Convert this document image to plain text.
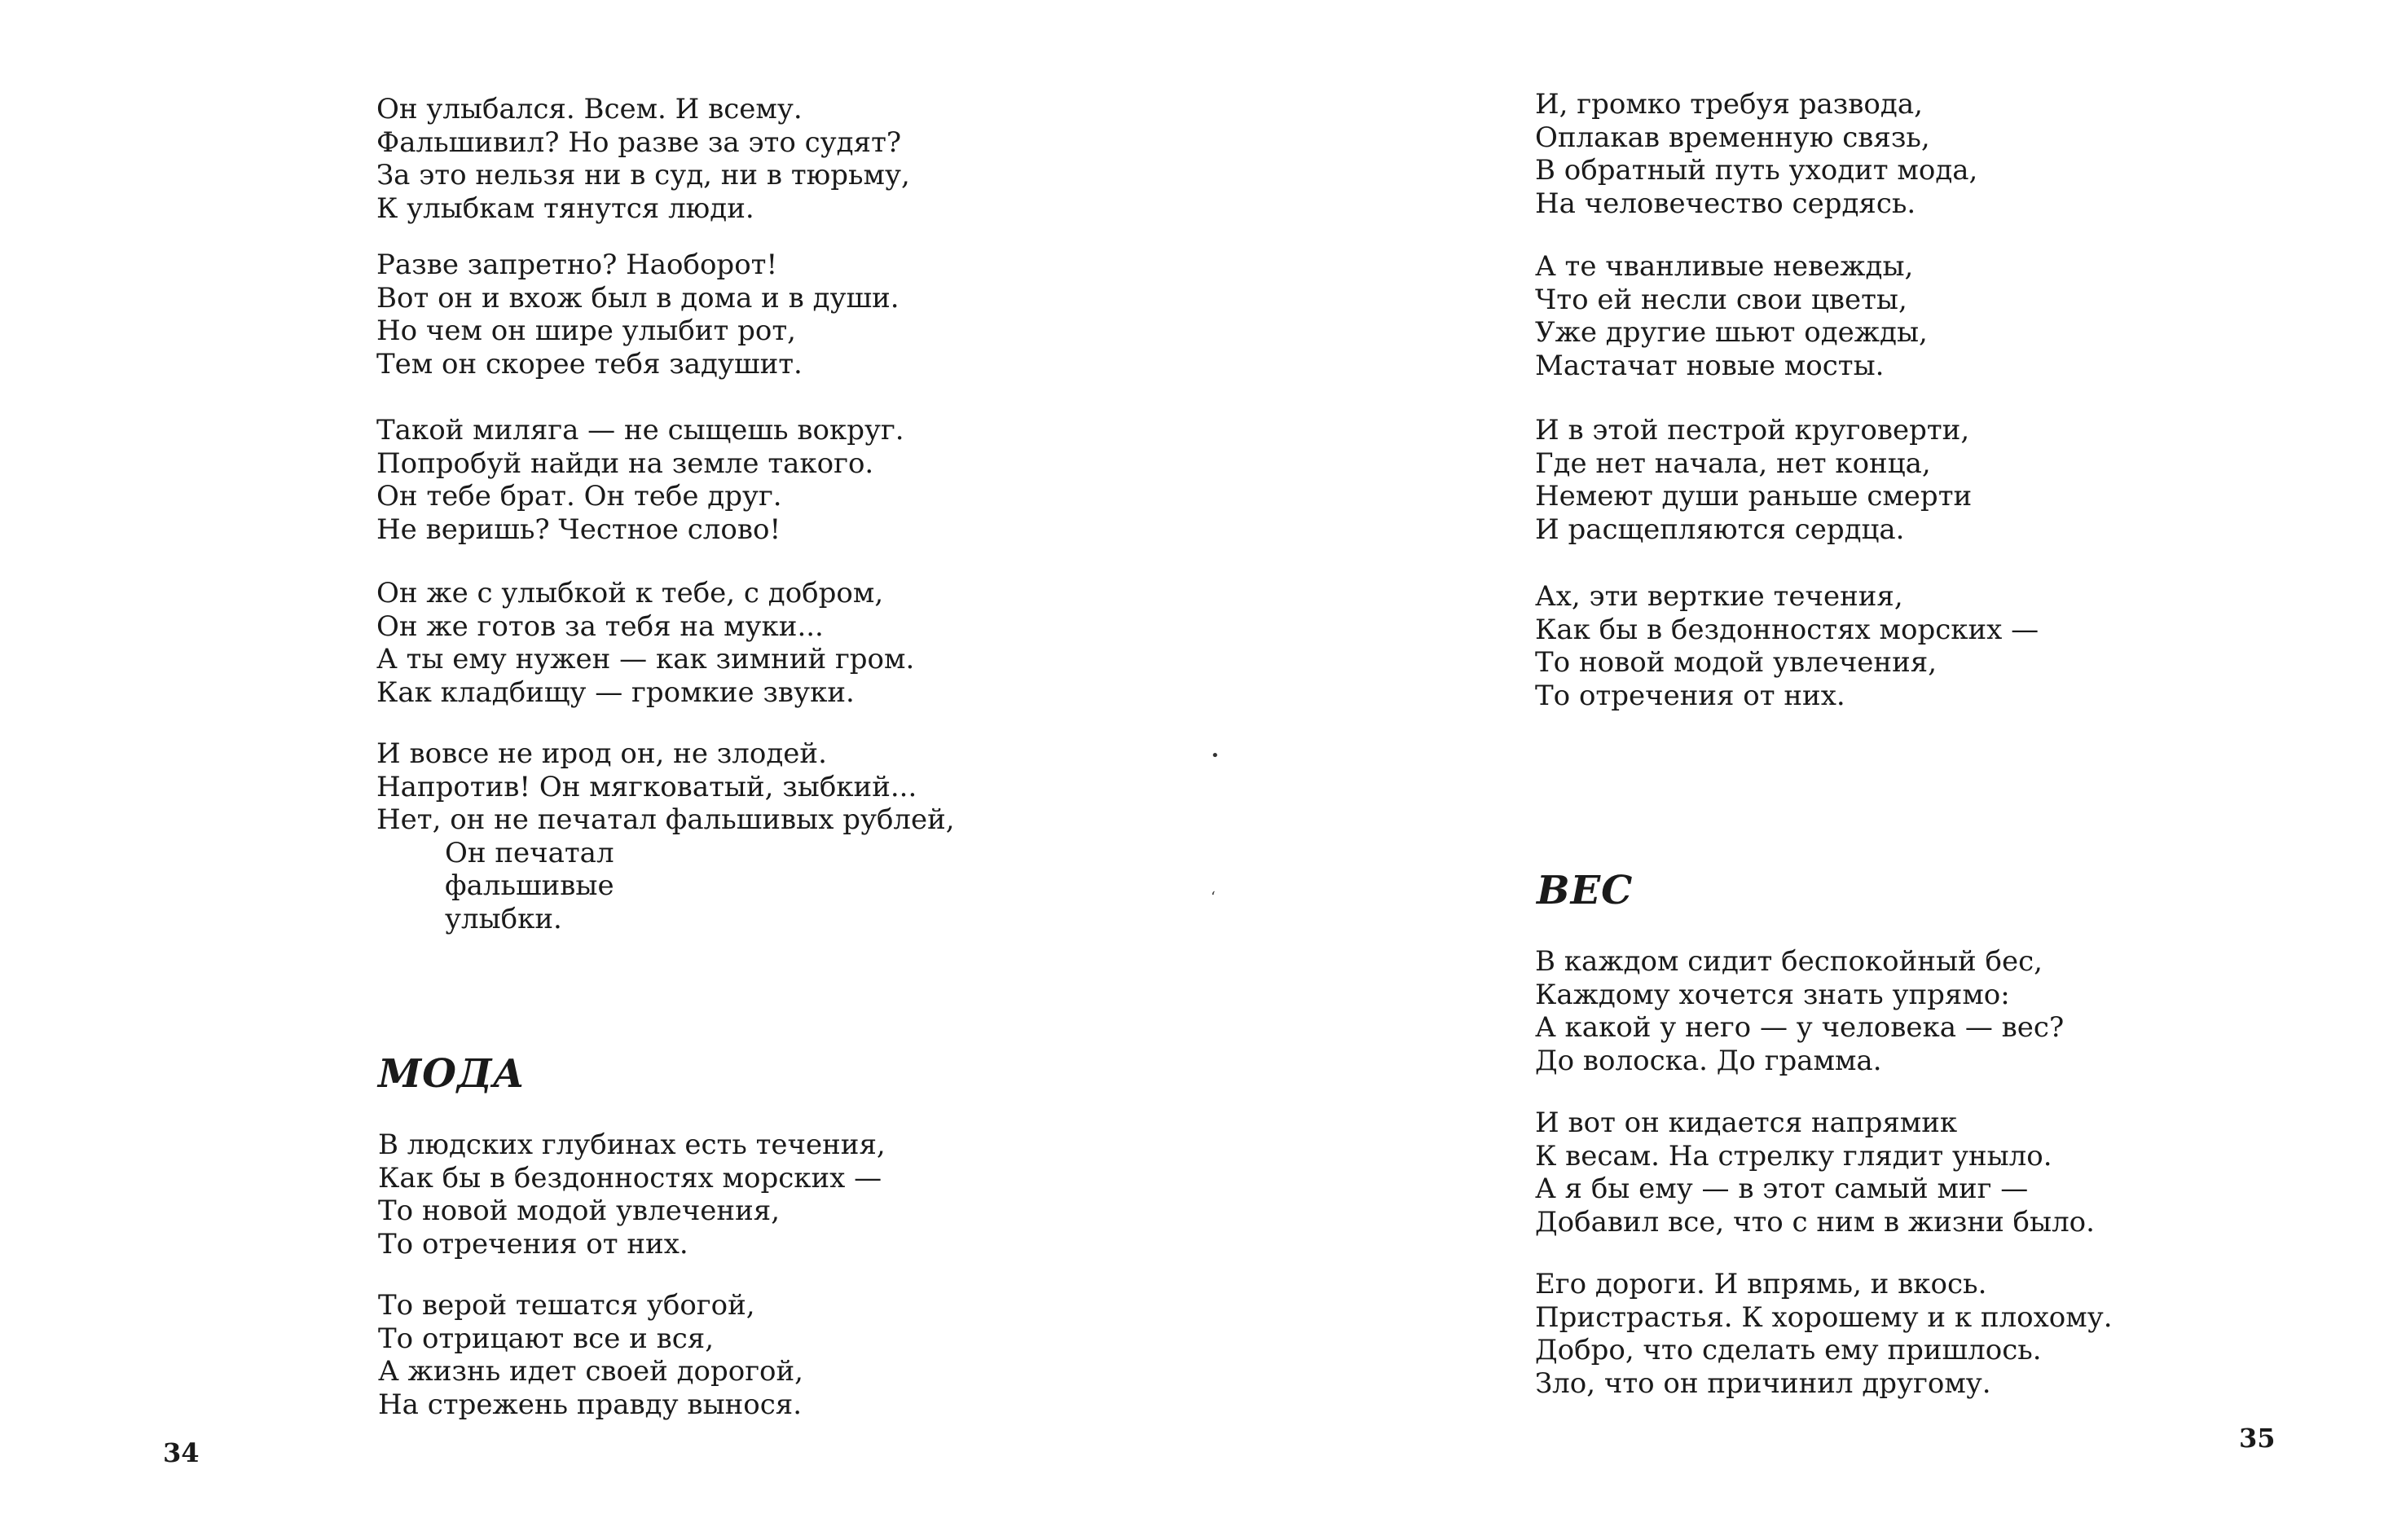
Он улыбался. Всем. И всему.
Фальшивил? Но разве за это судят?
За это нельзя ни в суд, ни в тюрьму,
К улыбкам тянутся люди.
Разве запретно? Наоборот!
Вот он и вхож был в дома и в души.
Но чем он шире улыбит рот,
Тем он скорее тебя задушит.
Такой миляга — не сыщешь вокруг.
Попробуй найди на земле такого.
Он тебе брат. Он тебе друг.
Не веришь? Честное слово!
Он же с улыбкой к тебе, с добром,
Он же готов за тебя на муки...
А ты ему нужен — как зимний гром.
Как кладбищу — громкие звуки.
И вовсе не ирод он, не злодей.
Напротив! Он мягковатый, зыбкий...
Нет, он не печатал фальшивых рублей,
Он печатал
фальшивые
улыбки.
МОДА
В людских глубинах есть течения,
Как бы в бездонностях морских —
То новой модой увлечения,
То отречения от них.
То верой тешатся убогой,
То отрицают все и вся,
А жизнь идет своей дорогой,
На стрежень правду вынося.
34
•
‘
И, громко требуя развода,
Оплакав временную связь,
В обратный путь уходит мода,
На человечество сердясь.
А те чванливые невежды,
Что ей несли свои цветы,
Уже другие шьют одежды,
Мастачат новые мосты.
И в этой пестрой круговерти,
Где нет начала, нет конца,
Немеют души раньше смерти
И расщепляются сердца.
Ах, эти верткие течения,
Как бы в бездонностях морских —
То новой модой увлечения,
То отречения от них.
ВЕС
В каждом сидит беспокойный бес,
Каждому хочется знать упрямо:
А какой у него — у человека — вес?
До волоска. До грамма.
И вот он кидается напрямик
К весам. На стрелку глядит уныло.
А я бы ему — в этот самый миг —
Добавил все, что с ним в жизни было.
Его дороги. И впрямь, и вкось.
Пристрастья. К хорошему и к плохому.
Добро, что сделать ему пришлось.
Зло, что он причинил другому.
35
